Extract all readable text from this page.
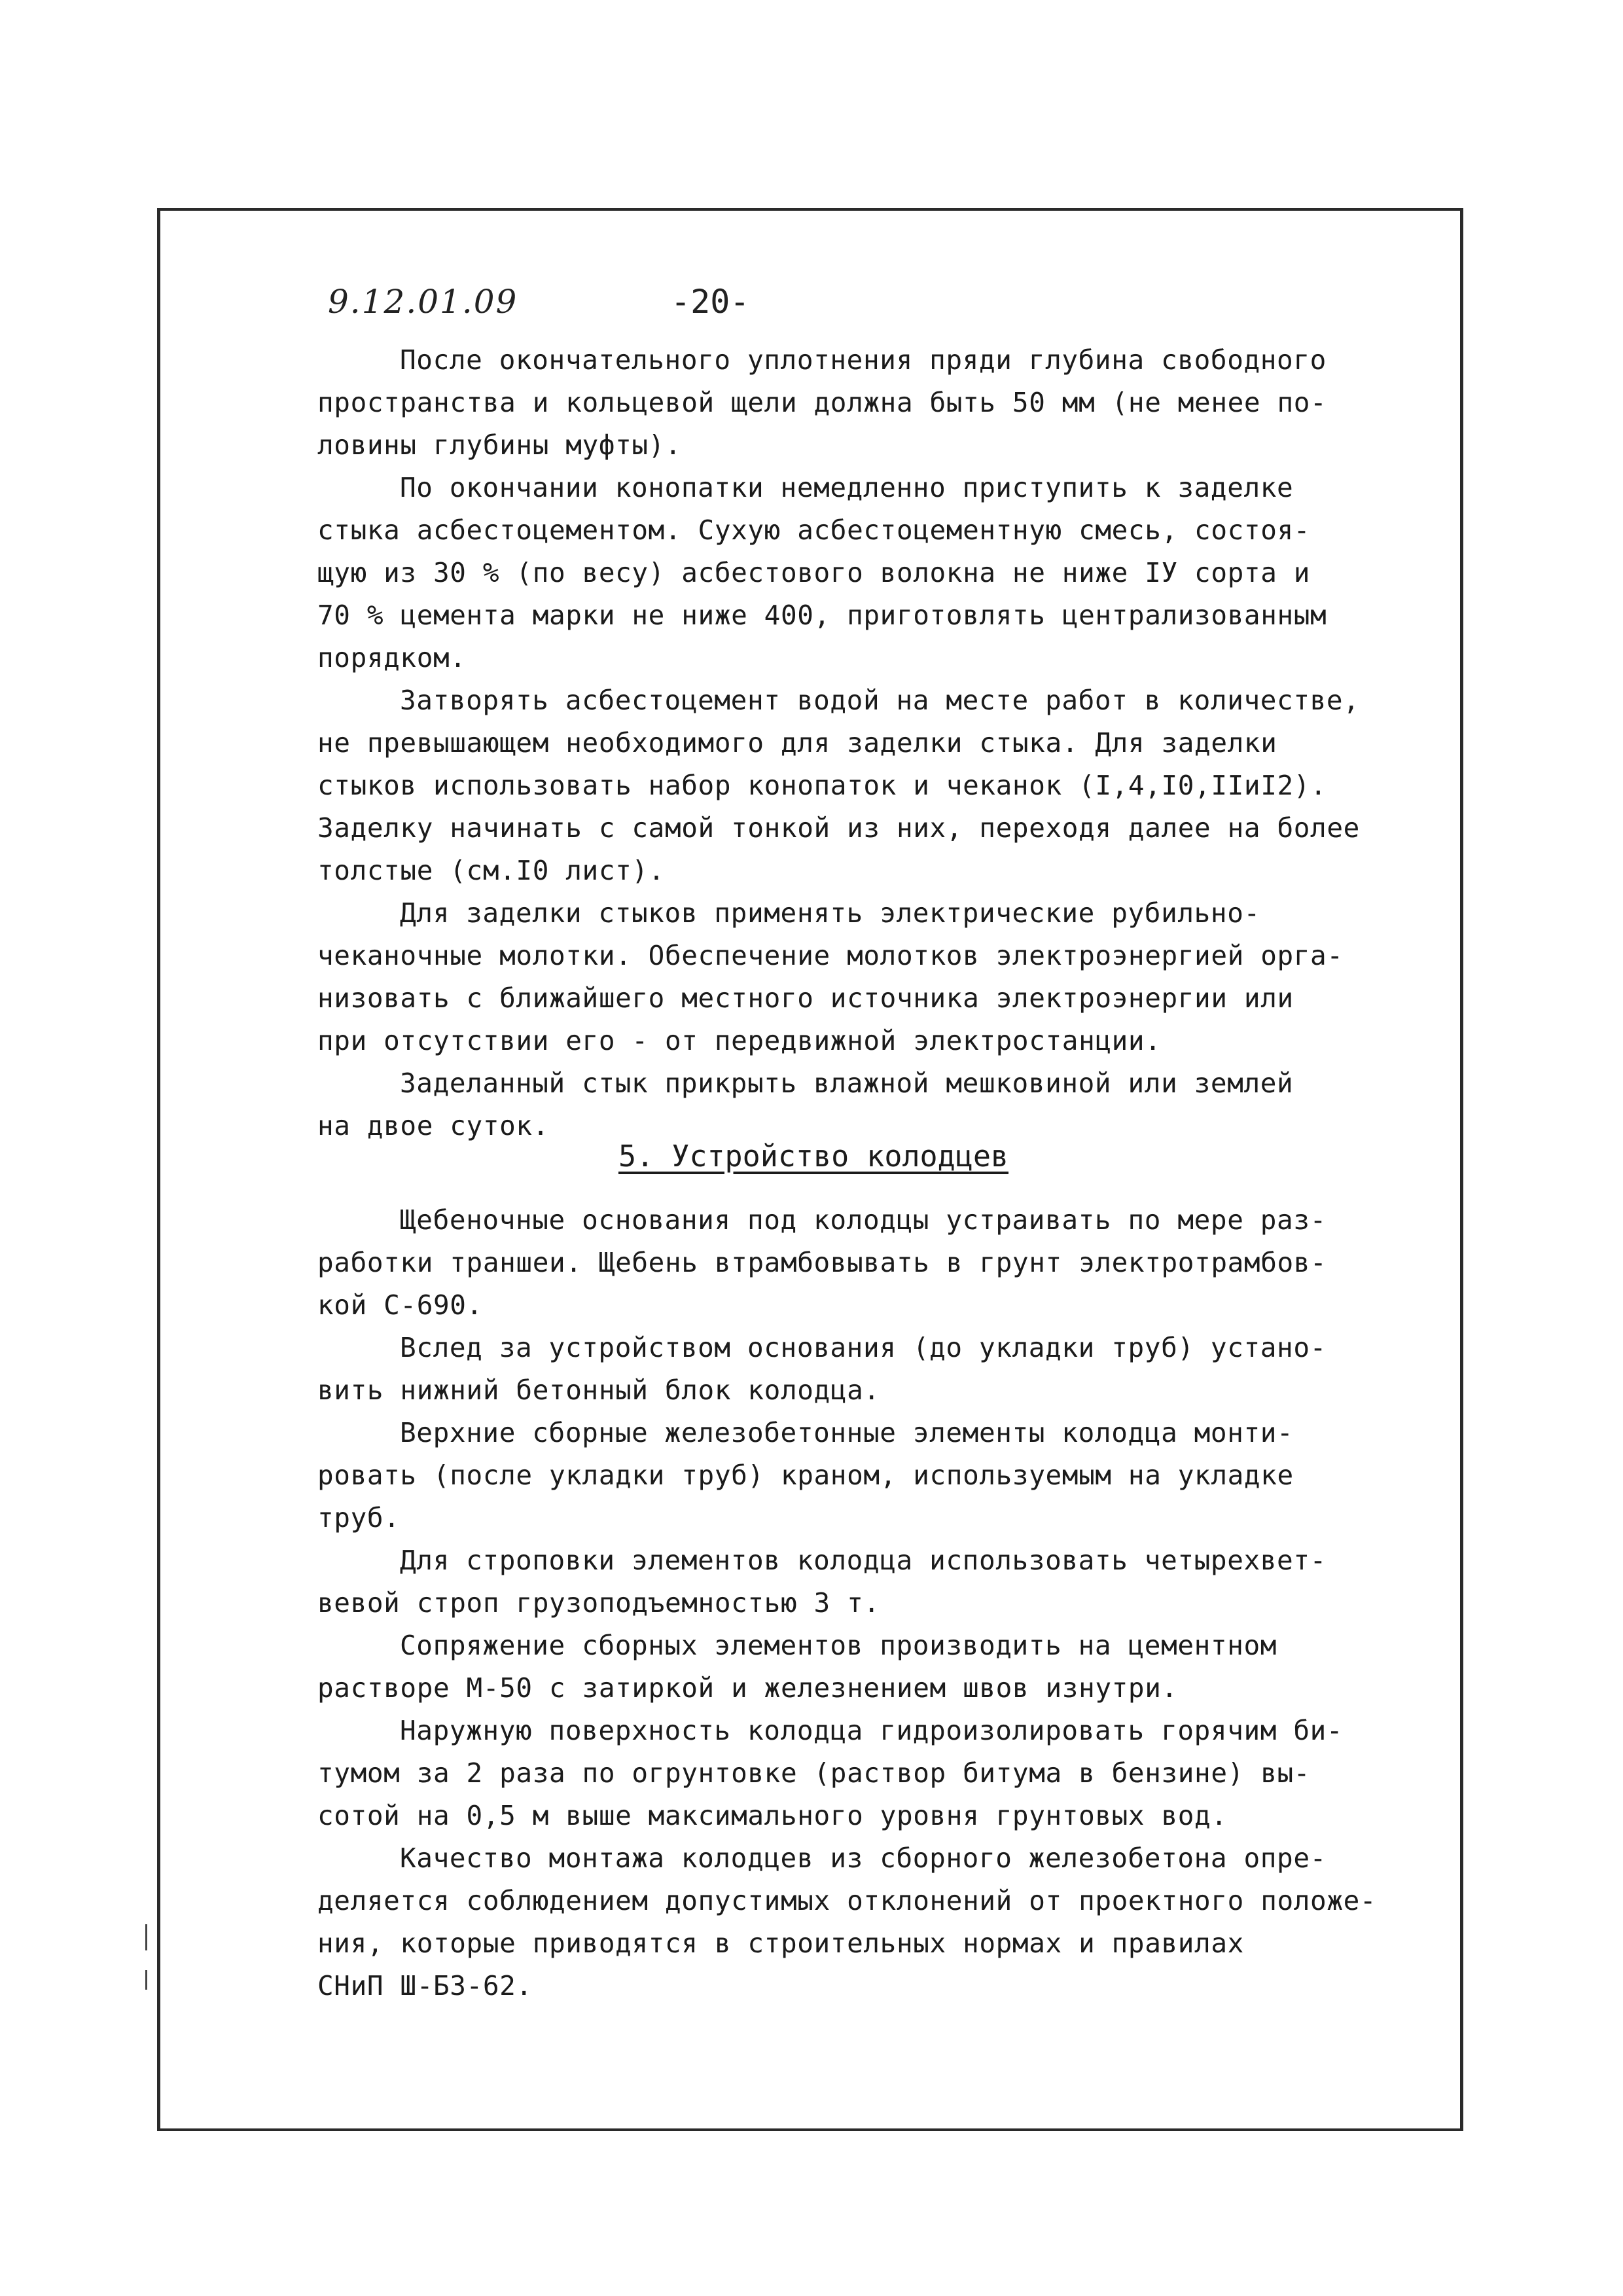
9.12.01.09	-20-

После окончательного уплотнения пряди глубина свободного
пространства и кольцевой щели должна быть 50 мм (не менее по-
ловины глубины муфты).

По окончании конопатки немедленно приступить к заделке
стыка асбестоцементом. Сухую асбестоцементную смесь, состоя-
щую из 30 % (по весу) асбестового волокна не ниже IУ сорта и
70 % цемента марки не ниже 400, приготовлять централизованным
порядком.

Затворять асбестоцемент водой на месте работ в количестве,
не превышающем необходимого для заделки стыка. Для заделки
стыков использовать набор конопаток и чеканок (I,4,I0,IIиI2).
Заделку начинать с самой тонкой из них, переходя далее на более
толстые (см.I0 лист).

Для заделки стыков применять электрические рубильно-
чеканочные молотки. Обеспечение молотков электроэнергией орга-
низовать с ближайшего местного источника электроэнергии или
при отсутствии его - от передвижной электростанции.

Заделанный стык прикрыть влажной мешковиной или землей
на двое суток.

5. Устройство колодцев

Щебеночные основания под колодцы устраивать по мере раз-
работки траншеи. Щебень втрамбовывать в грунт электротрамбов-
кой С-690.

Вслед за устройством основания (до укладки труб) устано-
вить нижний бетонный блок колодца.

Верхние сборные железобетонные элементы колодца монти-
ровать (после укладки труб) краном, используемым на укладке
труб.

Для строповки элементов колодца использовать четырехвет-
вевой строп грузоподъемностью 3 т.

Сопряжение сборных элементов производить на цементном
растворе М-50 с затиркой и железнением швов изнутри.

Наружную поверхность колодца гидроизолировать горячим би-
тумом за 2 раза по огрунтовке (раствор битума в бензине) вы-
сотой на 0,5 м выше максимального уровня грунтовых вод.

Качество монтажа колодцев из сборного железобетона опре-
деляется соблюдением допустимых отклонений от проектного положе-
ния, которые приводятся в строительных нормах и правилах
СНиП Ш-Б3-62.
